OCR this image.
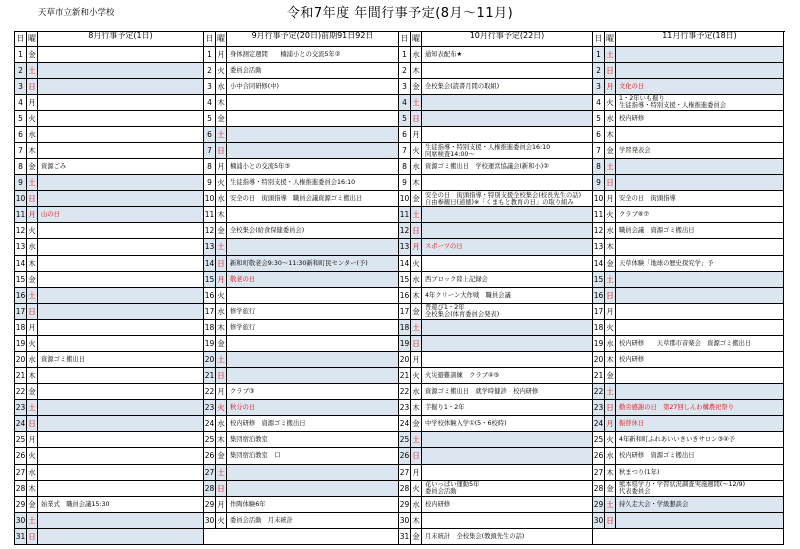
天草市立新和小学校	令和7年度 年間行事予定(8月～11月)
日 曜	8月行事予定(1日)
1 金
2 土
3 日
4 月
5 火
6 水
7 木
8 金 資源ごみ
9 土
10 日
11 月 山の日
12 火
13 水
14 木
15 金
16 土
17 日
18 月
19 火
20 水 資源ゴミ搬出日
21 木
22 金
23 土
24 日
25 月
26 火
27 水
28 木
29 金 始業式　職員会議15:30
30 土
31 日
日 曜	9月行事予定(20日)前期91日92日
1 月 身体測定週間　　楠浦小との交流5年②
2 火 委員会活動
3 水 小中合同研修(中)
4 木
5 金
6 土
7 日
8 月 楠浦小との交流5年③
9 火 生徒指導・特別支援・人権推進委員会16:10
10 水 安全の日　街頭指導　職員会議資源ゴミ搬出日
11 木
12 金 全校集会(給食保健委員会)
13 土
14 日 新和町敬老会9:30～11:30新和町民センター(予)
15 月 敬老の日
16 火
17 水 修学旅行
18 木 修学旅行
19 金
20 土
21 日
22 月 クラブ③
23 火 秋分の日
24 水 校内研修　資源ゴミ搬出日
25 木 集団宿泊教室
26 金 集団宿泊教室　口
27 土
28 日
29 月 作陶体験6年
30 火 委員会活動　月末統計
日 曜	10月行事予定(22日)
1 水 通知表配布★
2 木
3 金 全校集会(読書月間の取組)
4 土
5 日
6 月
7 火 生徒指導・特別支援・人権推進委員会16:10
同席検査14:00～
8 水 資源ゴミ搬出日　学校運営協議会(新和小)②
9 木
10 金 安全の日　街頭指導・特別支援全校集会(校長先生の話)
自由参観日(道徳)※「くまもと教育の日」の取り組み
11 土
12 日
13 月 スポーツの日
14 火
15 水 西ブロック陸上記録会
16 木 4年クリーン大作戦　職員会議
17 金 普遊び1・2年
全校集会(体育委員会発表)
18 土
19 日
20 月
21 火 火災避難訓練　クラブ④⑤
22 水 資源ゴミ搬出日　就学時健診　校内研修
23 木 芋掘り1・2年
24 金 中学校体験入学①(5・6校時)
25 土
26 日
27 月
28 火 花いっぱい運動5年
委員会活動
29 水 校内研修
30 木
31 金 月末統計　全校集会(教頭先生の話)
日 曜	11月行事予定(18日)
1 土
2 日
3 月 文化の日
4 火 1・2年いも掘り
生徒指導・特別支援・人権推進委員会
5 水 校内研修
6 木
7 金 学習発表会
8 土
9 日
10 月 安全の日　街頭指導
11 火 クラブ⑥⑦
12 水 職員会議　資源ゴミ搬出日
13 木
14 金 天草体験「地球の歴史探究学」予
15 土
16 日
17 月
18 火
19 水 校内研修　　天草郡市音楽会　資源ゴミ搬出日
20 木 校内研修
21 金
22 土
23 日 勤労感謝の日　第27回しんわ構農祀祭り
24 月 振替休日
25 火 4年新和町ふれあいいきいきサロン③④予
26 水 校内研修　資源ゴミ搬出日
27 木 秋まつり(1年)
28 金 熊本県学力・学習状況調査実施週間(～12/9)
代表委員会
29 土 持久走大会・学級懇談会
30 日
